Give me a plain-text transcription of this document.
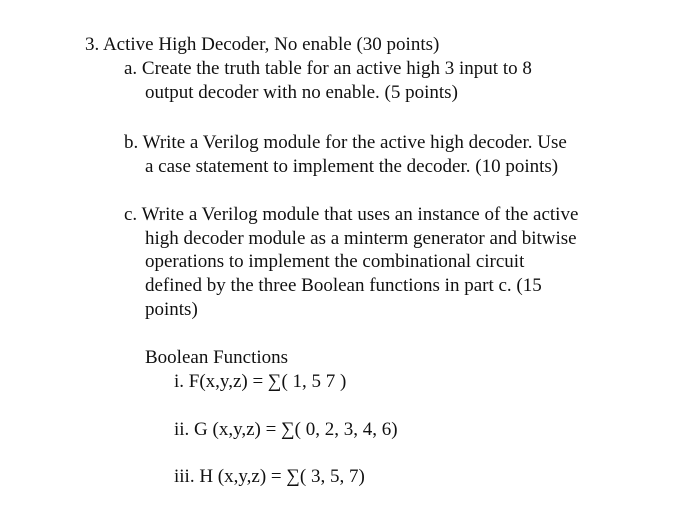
3. Active High Decoder, No enable (30 points)
a. Create the truth table for an active high 3 input to 8
output decoder with no enable. (5 points)
b. Write a Verilog module for the active high decoder. Use
a case statement to implement the decoder. (10 points)
c. Write a Verilog module that uses an instance of the active
high decoder module as a minterm generator and bitwise
operations to implement the combinational circuit
defined by the three Boolean functions in part c. (15
points)
Boolean Functions
i. F(x,y,z) = ∑( 1, 5 7 )
ii. G (x,y,z) = ∑( 0, 2, 3, 4, 6)
iii. H (x,y,z) = ∑( 3, 5, 7)
